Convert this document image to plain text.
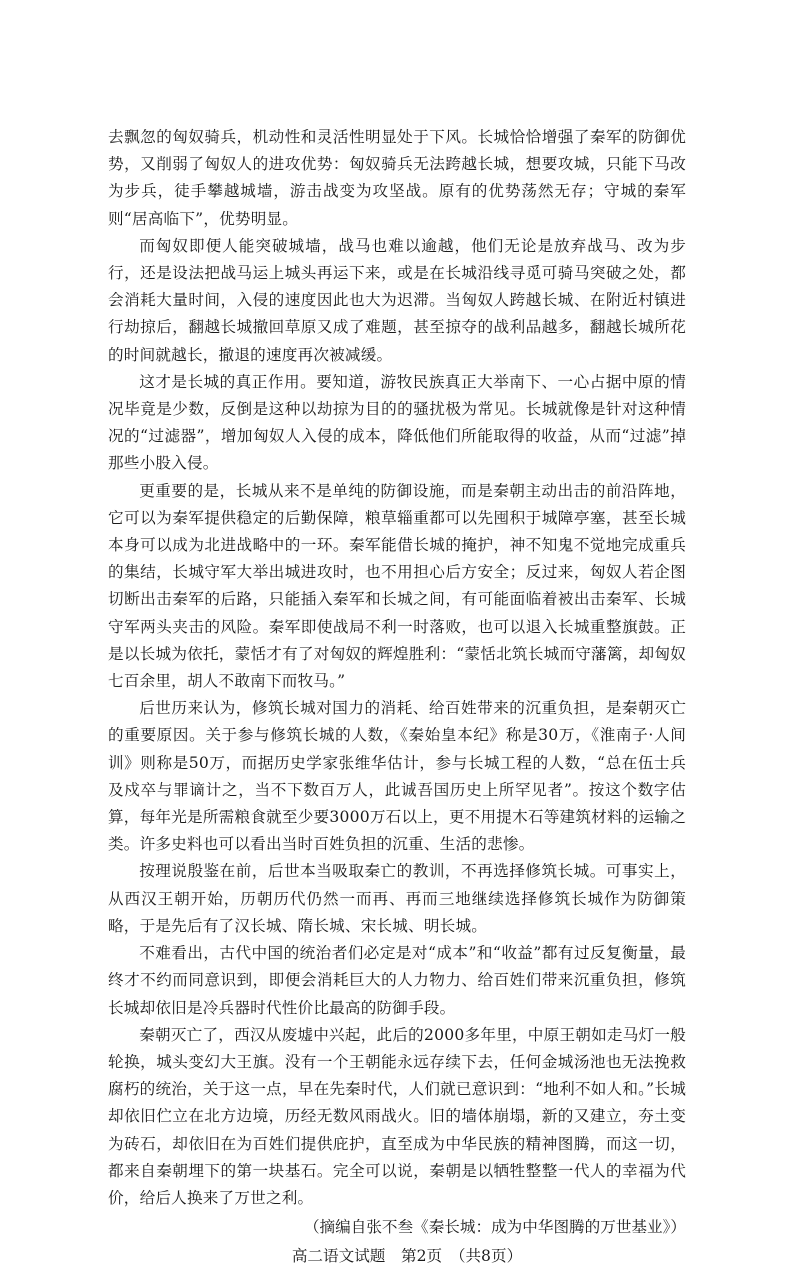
去飘忽的匈奴骑兵，机动性和灵活性明显处于下风。长城恰恰增强了秦军的防御优势，又削弱了匈奴人的进攻优势：匈奴骑兵无法跨越长城，想要攻城，只能下马改为步兵，徒手攀越城墙，游击战变为攻坚战。原有的优势荡然无存；守城的秦军则“居高临下”，优势明显。

而匈奴即便人能突破城墙，战马也难以逾越，他们无论是放弃战马、改为步行，还是设法把战马运上城头再运下来，或是在长城沿线寻觅可骑马突破之处，都会消耗大量时间，入侵的速度因此也大为迟滞。当匈奴人跨越长城、在附近村镇进行劫掠后，翻越长城撤回草原又成了难题，甚至掠夺的战利品越多，翻越长城所花的时间就越长，撤退的速度再次被减缓。

这才是长城的真正作用。要知道，游牧民族真正大举南下、一心占据中原的情况毕竟是少数，反倒是这种以劫掠为目的的骚扰极为常见。长城就像是针对这种情况的“过滤器”，增加匈奴人入侵的成本，降低他们所能取得的收益，从而“过滤”掉那些小股入侵。

更重要的是，长城从来不是单纯的防御设施，而是秦朝主动出击的前沿阵地，它可以为秦军提供稳定的后勤保障，粮草辎重都可以先囤积于城障亭塞，甚至长城本身可以成为北进战略中的一环。秦军能借长城的掩护，神不知鬼不觉地完成重兵的集结，长城守军大举出城进攻时，也不用担心后方安全；反过来，匈奴人若企图切断出击秦军的后路，只能插入秦军和长城之间，有可能面临着被出击秦军、长城守军两头夹击的风险。秦军即使战局不利一时落败，也可以退入长城重整旗鼓。正是以长城为依托，蒙恬才有了对匈奴的辉煌胜利：“蒙恬北筑长城而守藩篱，却匈奴七百余里，胡人不敢南下而牧马。”

后世历来认为，修筑长城对国力的消耗、给百姓带来的沉重负担，是秦朝灭亡的重要原因。关于参与修筑长城的人数，《秦始皇本纪》称是30万，《淮南子·人间训》则称是50万，而据历史学家张维华估计，参与长城工程的人数，“总在伍士兵及戍卒与罪谪计之，当不下数百万人，此诚吾国历史上所罕见者”。按这个数字估算，每年光是所需粮食就至少要3000万石以上，更不用提木石等建筑材料的运输之类。许多史料也可以看出当时百姓负担的沉重、生活的悲惨。

按理说殷鉴在前，后世本当吸取秦亡的教训，不再选择修筑长城。可事实上，从西汉王朝开始，历朝历代仍然一而再、再而三地继续选择修筑长城作为防御策略，于是先后有了汉长城、隋长城、宋长城、明长城。

不难看出，古代中国的统治者们必定是对“成本”和“收益”都有过反复衡量，最终才不约而同意识到，即便会消耗巨大的人力物力、给百姓们带来沉重负担，修筑长城却依旧是冷兵器时代性价比最高的防御手段。

秦朝灭亡了，西汉从废墟中兴起，此后的2000多年里，中原王朝如走马灯一般轮换，城头变幻大王旗。没有一个王朝能永远存续下去，任何金城汤池也无法挽救腐朽的统治，关于这一点，早在先秦时代，人们就已意识到：“地利不如人和。”长城却依旧伫立在北方边境，历经无数风雨战火。旧的墙体崩塌，新的又建立，夯土变为砖石，却依旧在为百姓们提供庇护，直至成为中华民族的精神图腾，而这一切，都来自秦朝埋下的第一块基石。完全可以说，秦朝是以牺牲整整一代人的幸福为代价，给后人换来了万世之利。

（摘编自张不叁《秦长城：成为中华图腾的万世基业》）

高二语文试题　第2页　（共8页）
